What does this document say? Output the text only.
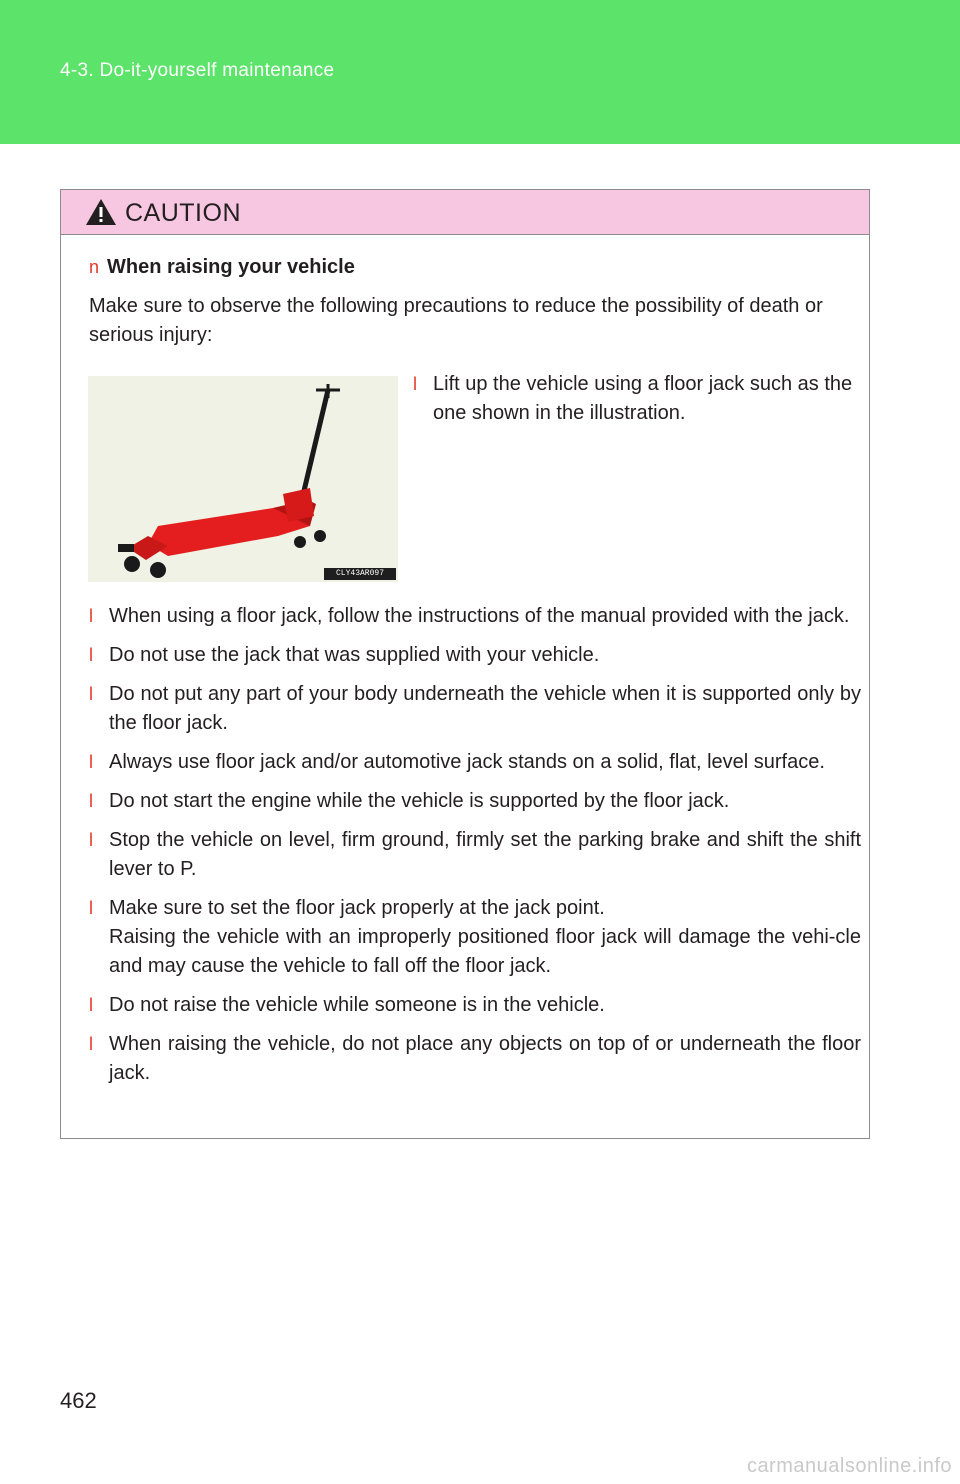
4-3. Do-it-yourself maintenance
CAUTION
n When raising your vehicle
Make sure to observe the following precautions to reduce the possibility of death or serious injury:
CLY43AR097
l Lift up the vehicle using a floor jack such as the one shown in the illustration.
l When using a floor jack, follow the instructions of the manual provided with the jack.
l Do not use the jack that was supplied with your vehicle.
l Do not put any part of your body underneath the vehicle when it is supported only by the floor jack.
l Always use floor jack and/or automotive jack stands on a solid, flat, level surface.
l Do not start the engine while the vehicle is supported by the floor jack.
l Stop the vehicle on level, firm ground, firmly set the parking brake and shift the shift lever to P.
l Make sure to set the floor jack properly at the jack point.
Raising the vehicle with an improperly positioned floor jack will damage the vehi-cle and may cause the vehicle to fall off the floor jack.
l Do not raise the vehicle while someone is in the vehicle.
l When raising the vehicle, do not place any objects on top of or underneath the floor jack.
462
carmanualsonline.info
